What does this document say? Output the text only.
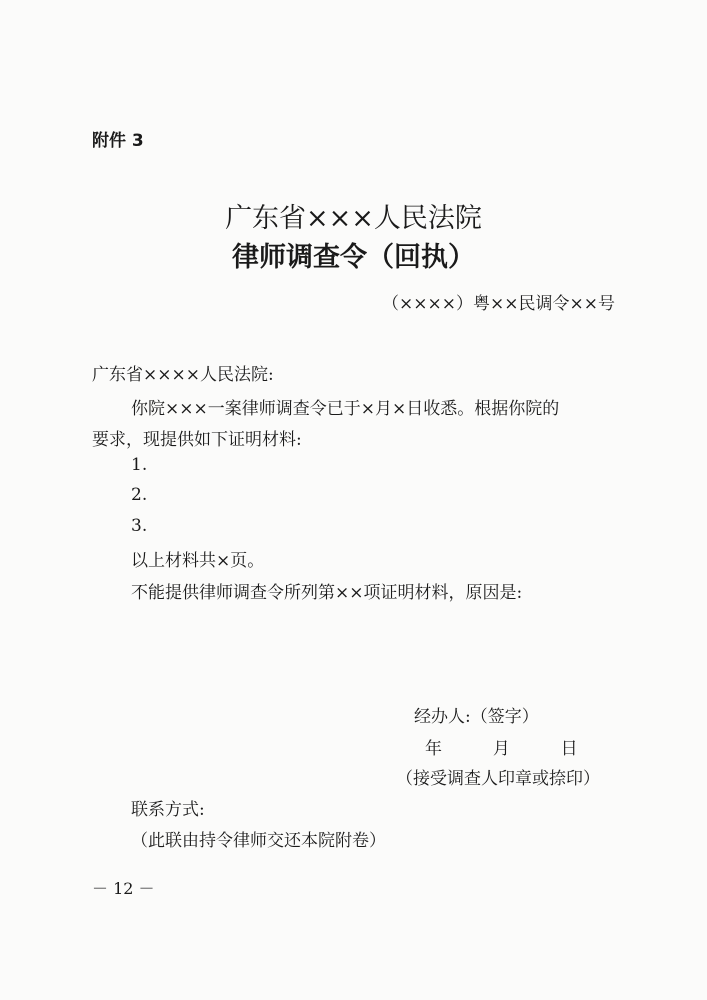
附件 3
广东省×××人民法院
律师调查令（回执）
（××××）粤××民调令××号
广东省××××人民法院:
你院×××一案律师调查令已于×月×日收悉。根据你院的
要求，现提供如下证明材料:
1.
2.
3.
以上材料共×页。
不能提供律师调查令所列第××项证明材料，原因是:
经办人:（签字）
年	月	日
（接受调查人印章或捺印）
联系方式:
（此联由持令律师交还本院附卷）
－ 12 －
